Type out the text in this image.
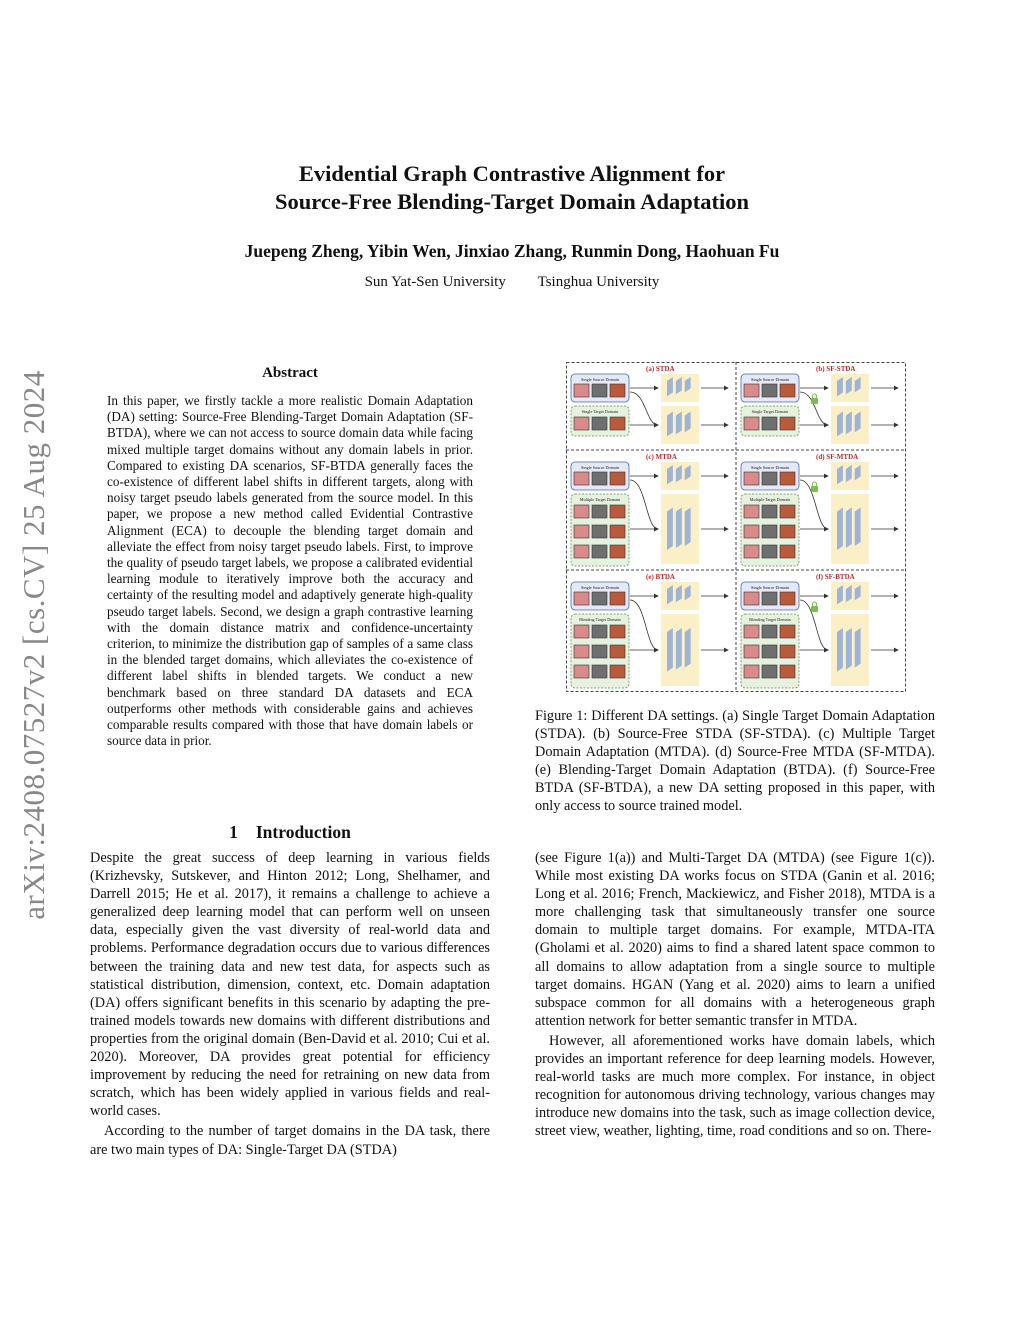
arXiv:2408.07527v2 [cs.CV] 25 Aug 2024
Evidential Graph Contrastive Alignment for
Source-Free Blending-Target Domain Adaptation
Juepeng Zheng, Yibin Wen, Jinxiao Zhang, Runmin Dong, Haohuan Fu
Sun Yat-Sen University Tsinghua University
Abstract
In this paper, we firstly tackle a more realistic Domain Adaptation (DA) setting: Source-Free Blending-Target Domain Adaptation (SF-BTDA), where we can not access to source domain data while facing mixed multiple target domains without any domain labels in prior. Compared to existing DA scenarios, SF-BTDA generally faces the co-existence of different label shifts in different targets, along with noisy target pseudo labels generated from the source model. In this paper, we propose a new method called Evidential Contrastive Alignment (ECA) to decouple the blending target domain and alleviate the effect from noisy target pseudo labels. First, to improve the quality of pseudo target labels, we propose a calibrated evidential learning module to iteratively improve both the accuracy and certainty of the resulting model and adaptively generate high-quality pseudo target labels. Second, we design a graph contrastive learning with the domain distance matrix and confidence-uncertainty criterion, to minimize the distribution gap of samples of a same class in the blended target domains, which alleviates the co-existence of different label shifts in blended targets. We conduct a new benchmark based on three standard DA datasets and ECA outperforms other methods with considerable gains and achieves comparable results compared with those that have domain labels or source data in prior.
1 Introduction

Despite the great success of deep learning in various fields (Krizhevsky, Sutskever, and Hinton 2012; Long, Shelhamer, and Darrell 2015; He et al. 2017), it remains a challenge to achieve a generalized deep learning model that can perform well on unseen data, especially given the vast diversity of real-world data and problems. Performance degradation occurs due to various differences between the training data and new test data, for aspects such as statistical distribution, dimension, context, etc. Domain adaptation (DA) offers significant benefits in this scenario by adapting the pre-trained models towards new domains with different distributions and properties from the original domain (Ben-David et al. 2010; Cui et al. 2020). Moreover, DA provides great potential for efficiency improvement by reducing the need for retraining on new data from scratch, which has been widely applied in various fields and real-world cases.

According to the number of target domains in the DA task, there are two main types of DA: Single-Target DA (STDA)

(a) STDA
Single Source Domain
Single Target Domain
(b) SF-STDA
Single Source Domain
Single Target Domain
(c) MTDA
Single Source Domain
Multiple Target Domain
(d) SF-MTDA
Single Source Domain
Multiple Target Domain
(e) BTDA
Single Source Domain
Blending Target Domain
(f) SF-BTDA
Single Source Domain
Blending Target Domain
Figure 1: Different DA settings. (a) Single Target Domain Adaptation (STDA). (b) Source-Free STDA (SF-STDA). (c) Multiple Target Domain Adaptation (MTDA). (d) Source-Free MTDA (SF-MTDA). (e) Blending-Target Domain Adaptation (BTDA). (f) Source-Free BTDA (SF-BTDA), a new DA setting proposed in this paper, with only access to source trained model.

(see Figure 1(a)) and Multi-Target DA (MTDA) (see Figure 1(c)). While most existing DA works focus on STDA (Ganin et al. 2016; Long et al. 2016; French, Mackiewicz, and Fisher 2018), MTDA is a more challenging task that simultaneously transfer one source domain to multiple target domains. For example, MTDA-ITA (Gholami et al. 2020) aims to find a shared latent space common to all domains to allow adaptation from a single source to multiple target domains. HGAN (Yang et al. 2020) aims to learn a unified subspace common for all domains with a heterogeneous graph attention network for better semantic transfer in MTDA.

However, all aforementioned works have domain labels, which provides an important reference for deep learning models. However, real-world tasks are much more complex. For instance, in object recognition for autonomous driving technology, various changes may introduce new domains into the task, such as image collection device, street view, weather, lighting, time, road conditions and so on. There-
